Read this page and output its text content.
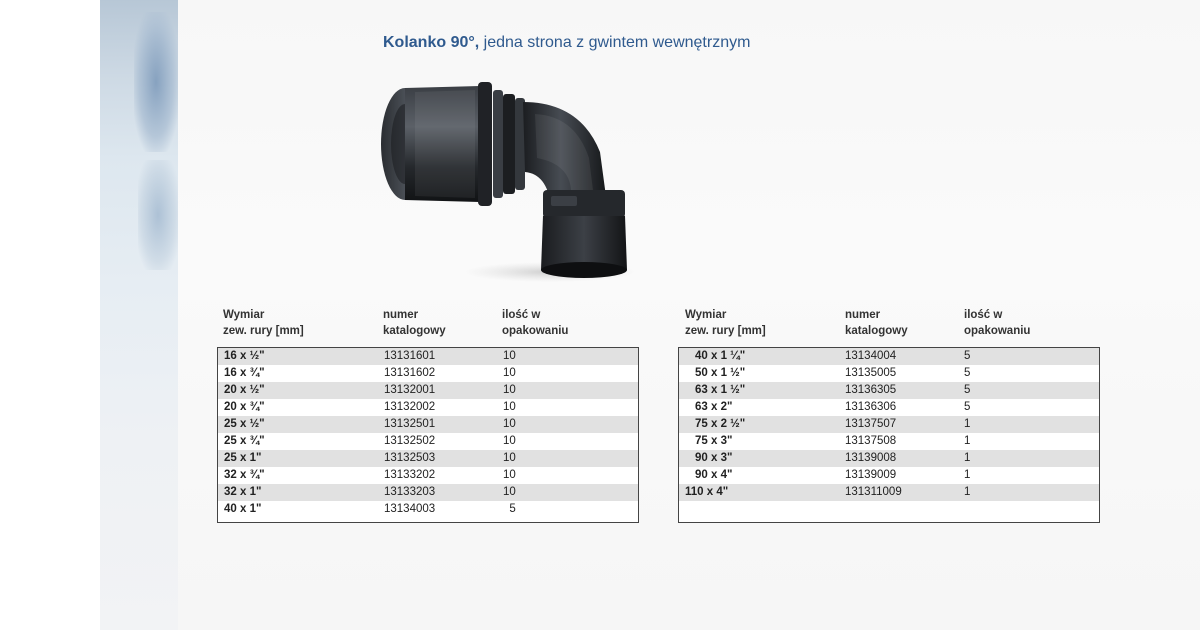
Kolanko 90°, jedna strona z gwintem wewnętrznym
Wymiar
zew. rury [mm]
numer
katalogowy
ilość w
opakowaniu
16 x ½"	13131601	10
16 x ¾"	13131602	10
20 x ½"	13132001	10
20 x ¾"	13132002	10
25 x ½"	13132501	10
25 x ¾"	13132502	10
25 x 1"	13132503	10
32 x ¾"	13133202	10
32 x 1"	13133203	10
40 x 1"	13134003	5
Wymiar
zew. rury [mm]
numer
katalogowy
ilość w
opakowaniu
40 x 1 ¼"	13134004	5
50 x 1 ½"	13135005	5
63 x 1 ½"	13136305	5
63 x 2"	13136306	5
75 x 2 ½"	13137507	1
75 x 3"	13137508	1
90 x 3"	13139008	1
90 x 4"	13139009	1
110 x 4"	131311009	1
